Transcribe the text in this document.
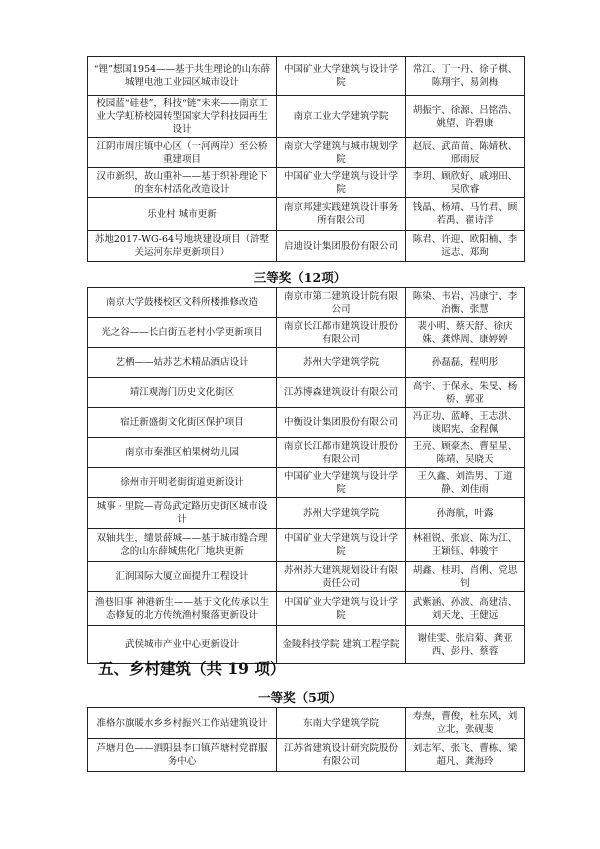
“锂”想国1954——基于共生理论的山东薛城锂电池工业园区城市设计	中国矿业大学建筑与设计学院	常江、丁一丹、徐子棋、陈翔宇、易剑梅
校园蓝“硅巷”，科技“链”未来——南京工业大学虹桥校园转型国家大学科技园再生设计	南京工业大学建筑学院	胡振宇、徐源、吕铭浩、姚望、许碧康
江阴市周庄镇中心区（一河两岸）至公桥重建项目	南京大学建筑与城市规划学院	赵辰、武苗苗、陈婧秋、邢雨辰
汉市新织，故山重补——基于织补理论下的奎东村活化改造设计	中国矿业大学建筑与设计学院	李玥、顾欣好、戚翊田、吴欣睿
乐业村 城市更新	南京邦建实践建筑设计事务所有限公司	钱晶、杨靖、马竹君、顾若禹、翟诗洋
苏地2017-WG-64号地块建设项目（浒墅关运河东岸更新项目）	启迪设计集团股份有限公司	陈君、许迎、欧阳楠、李远志、郑珣
三等奖（12项）
南京大学鼓楼校区文科所楼推修改造	南京市第二建筑设计院有限公司	陈染、韦岩、冯康宁、李治衡、张慧
光之谷——长白街五老村小学更新项目	南京长江都市建筑设计股份有限公司	裴小明、蔡天舒、徐庆姝、龚烨周、康婷婷
艺栖——姑苏艺术精品酒店设计	苏州大学建筑学院	孙磊磊，程明彤
靖江观海门历史文化街区	江苏博森建筑设计有限公司	高宇、于保永、朱旻、杨桥、郭亚
宿迁新盛街文化街区保护项目	中衡设计集团股份有限公司	冯正功、蓝峰、王志洪、谈昭宪、金程佩
南京市秦淮区柏果树幼儿园	南京长江都市建筑设计股份有限公司	王亮、顾豪杰、曹星星、陈靖、吴晓天
徐州市开明老街街道更新设计	中国矿业大学建筑与设计学院	王久鑫、刘浩男、丁道静、刘佳雨
城事 · 里院—青岛武定路历史街区城市设计	苏州大学建筑学院	孙海航，叶露
双轴共生，缱景薛城——基于城市缝合理念的山东薛城焦化厂地块更新	中国矿业大学建筑与设计学院	林祖锐、张宸、陈为江、王颖钰、韩骏宇
汇润国际大厦立面提升工程设计	苏州苏大建筑规划设计有限责任公司	胡鑫、桂玥、肖俐、党思钊
渔巷旧事 神港新生——基于文化传承以生态修复的北方传统渔村聚落更新设计	中国矿业大学建筑与设计学院	武紫涵、孙波、高建洁、刘天龙、王健远
武侯城市产业中心更新设计	金陵科技学院 建筑工程学院	谢佳雯、张启菊、龚亚西、彭丹、蔡蓉
五、乡村建筑（共 19 项）
一等奖（5项）
准格尔旗暖水乡乡村振兴工作站建筑设计	东南大学建筑学院	寿焘，曹俊，杜东风，刘立北，张砚斐
芦塘月色——泗阳县李口镇芦塘村党群服务中心	江苏省建筑设计研究院股份有限公司	刘志军、张飞、曹栋、梁超凡、龚海玲
